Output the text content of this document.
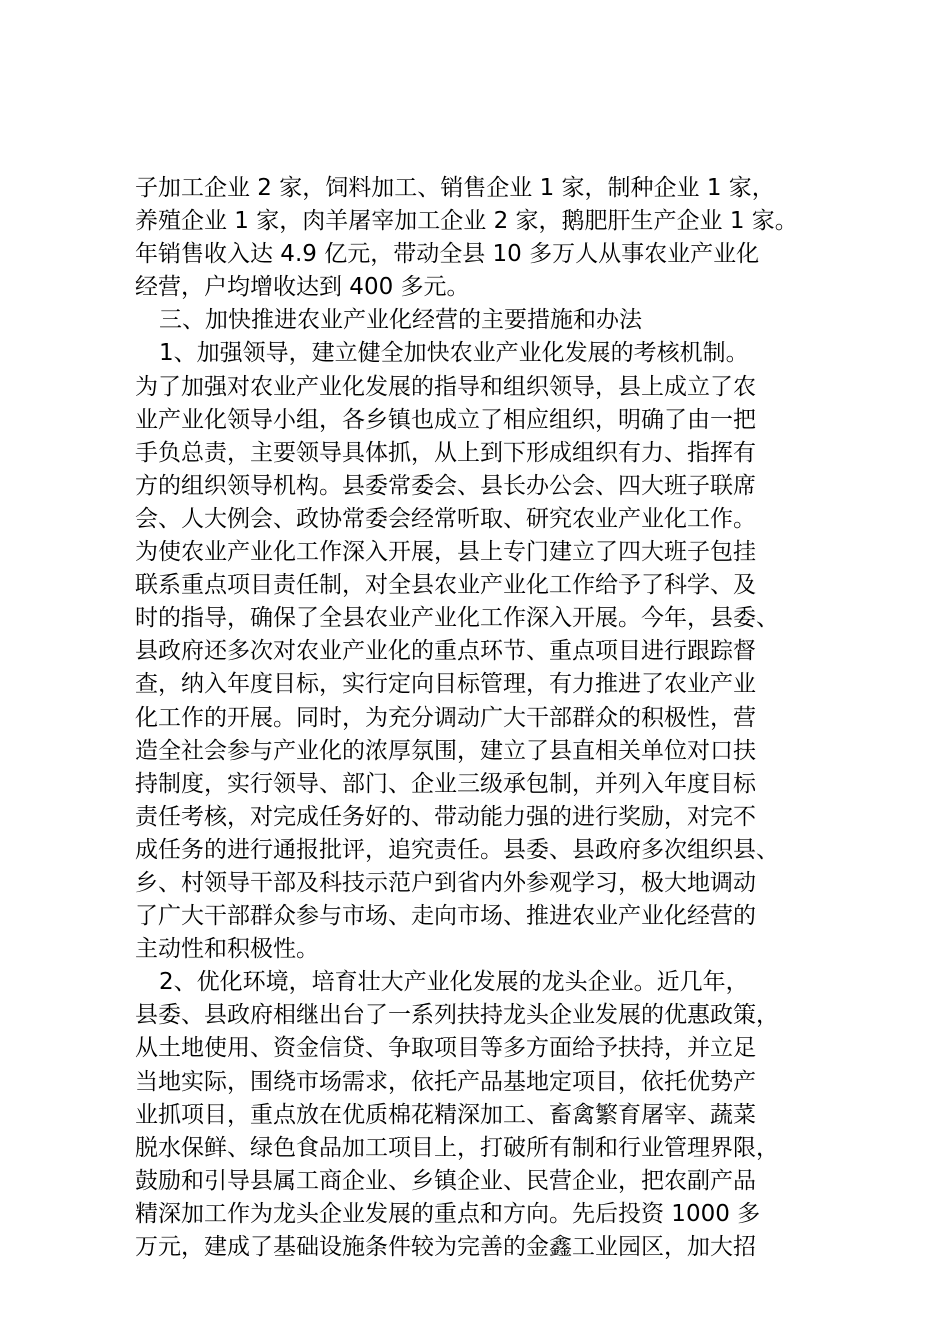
子加工企业 2 家，饲料加工、销售企业 1 家，制种企业 1 家，
养殖企业 1 家，肉羊屠宰加工企业 2 家，鹅肥肝生产企业 1 家。
年销售收入达 4.9 亿元，带动全县 10 多万人从事农业产业化
经营，户均增收达到 400 多元。
三、加快推进农业产业化经营的主要措施和办法
1、加强领导，建立健全加快农业产业化发展的考核机制。
为了加强对农业产业化发展的指导和组织领导，县上成立了农
业产业化领导小组，各乡镇也成立了相应组织，明确了由一把
手负总责，主要领导具体抓，从上到下形成组织有力、指挥有
方的组织领导机构。县委常委会、县长办公会、四大班子联席
会、人大例会、政协常委会经常听取、研究农业产业化工作。
为使农业产业化工作深入开展，县上专门建立了四大班子包挂
联系重点项目责任制，对全县农业产业化工作给予了科学、及
时的指导，确保了全县农业产业化工作深入开展。今年，县委、
县政府还多次对农业产业化的重点环节、重点项目进行跟踪督
查，纳入年度目标，实行定向目标管理，有力推进了农业产业
化工作的开展。同时，为充分调动广大干部群众的积极性，营
造全社会参与产业化的浓厚氛围，建立了县直相关单位对口扶
持制度，实行领导、部门、企业三级承包制，并列入年度目标
责任考核，对完成任务好的、带动能力强的进行奖励，对完不
成任务的进行通报批评，追究责任。县委、县政府多次组织县、
乡、村领导干部及科技示范户到省内外参观学习，极大地调动
了广大干部群众参与市场、走向市场、推进农业产业化经营的
主动性和积极性。
2、优化环境，培育壮大产业化发展的龙头企业。近几年，
县委、县政府相继出台了一系列扶持龙头企业发展的优惠政策，
从土地使用、资金信贷、争取项目等多方面给予扶持，并立足
当地实际，围绕市场需求，依托产品基地定项目，依托优势产
业抓项目，重点放在优质棉花精深加工、畜禽繁育屠宰、蔬菜
脱水保鲜、绿色食品加工项目上，打破所有制和行业管理界限，
鼓励和引导县属工商企业、乡镇企业、民营企业，把农副产品
精深加工作为龙头企业发展的重点和方向。先后投资 1000 多
万元，建成了基础设施条件较为完善的金鑫工业园区，加大招
